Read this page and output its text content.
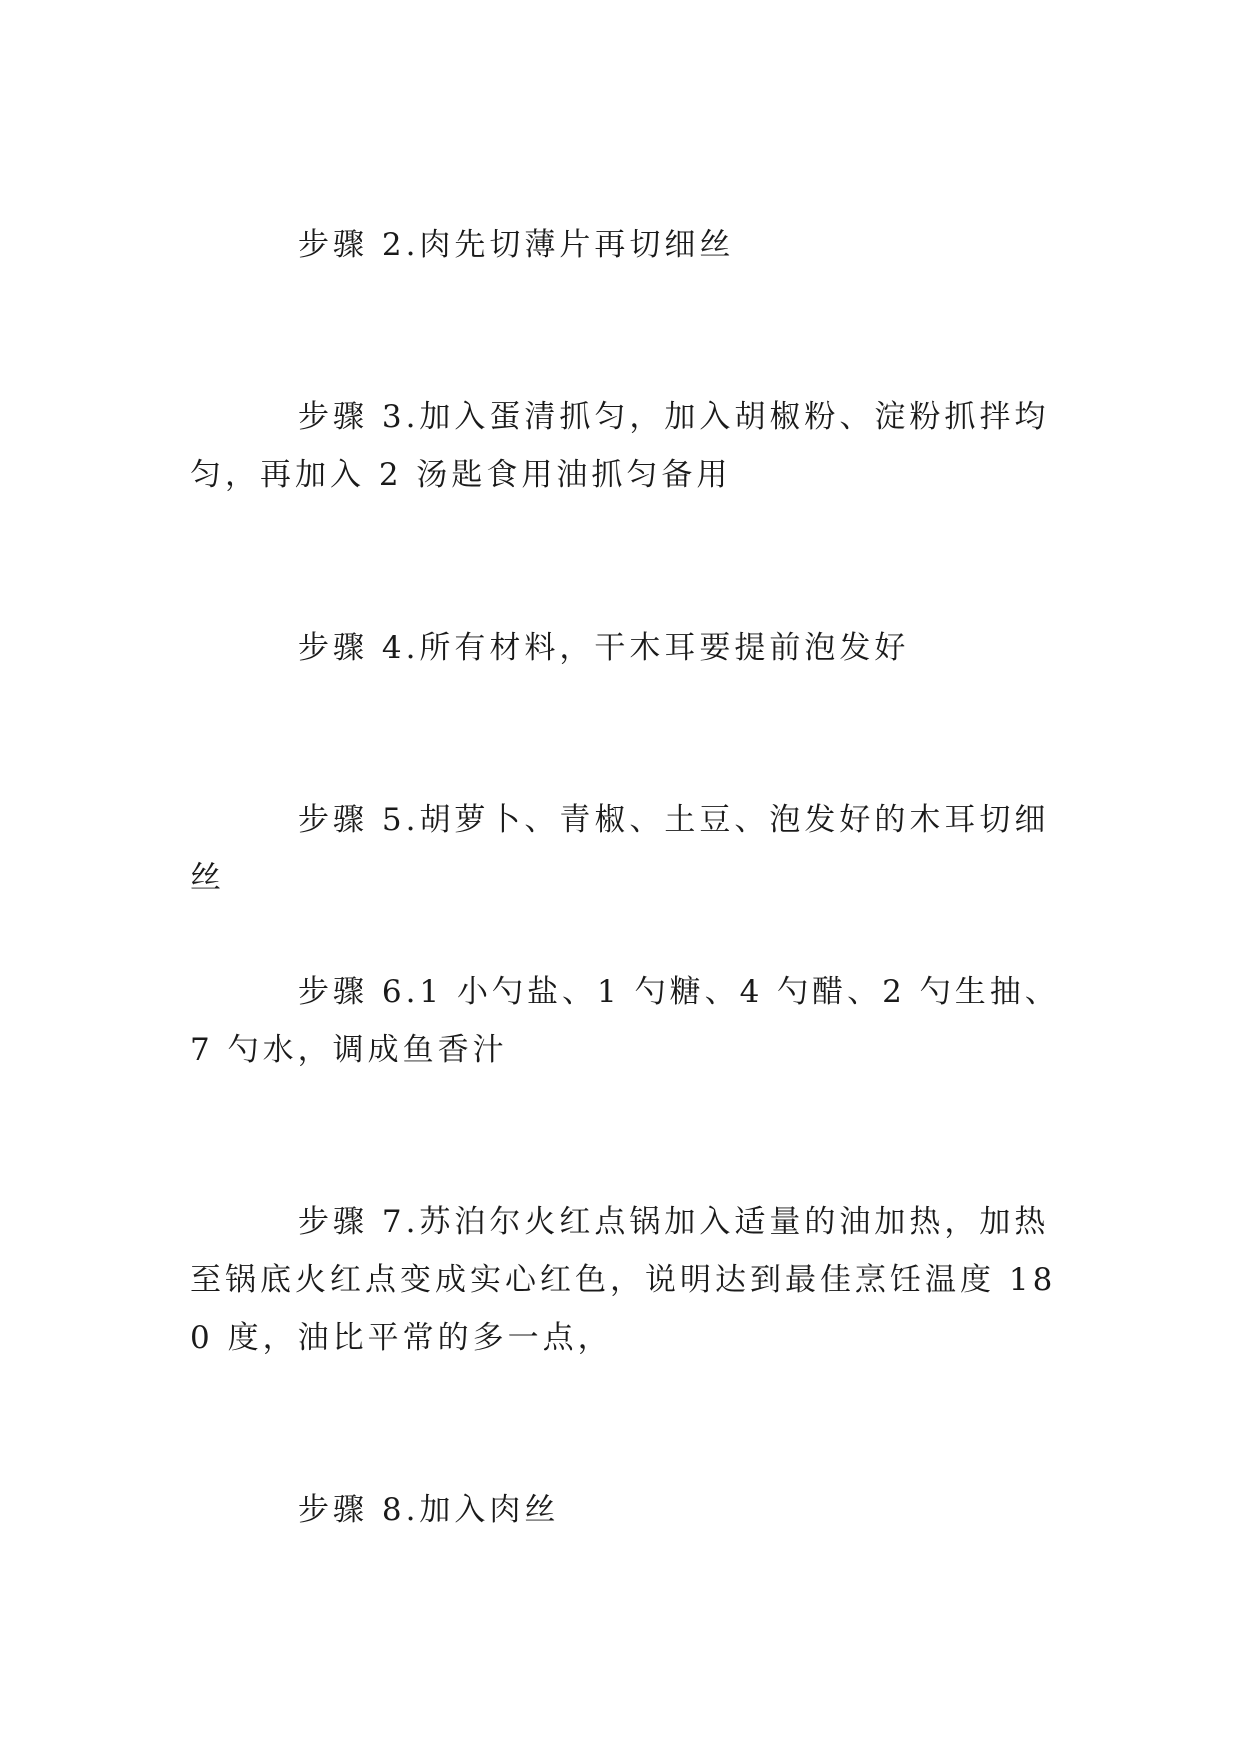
步骤 2.肉先切薄片再切细丝

步骤 3.加入蛋清抓匀，加入胡椒粉、淀粉抓拌均匀，再加入 2 汤匙食用油抓匀备用

步骤 4.所有材料，干木耳要提前泡发好

步骤 5.胡萝卜、青椒、土豆、泡发好的木耳切细丝

步骤 6.1 小勺盐、1 勺糖、4 勺醋、2 勺生抽、7 勺水，调成鱼香汁

步骤 7.苏泊尔火红点锅加入适量的油加热，加热至锅底火红点变成实心红色，说明达到最佳烹饪温度 180 度，油比平常的多一点，

步骤 8.加入肉丝
